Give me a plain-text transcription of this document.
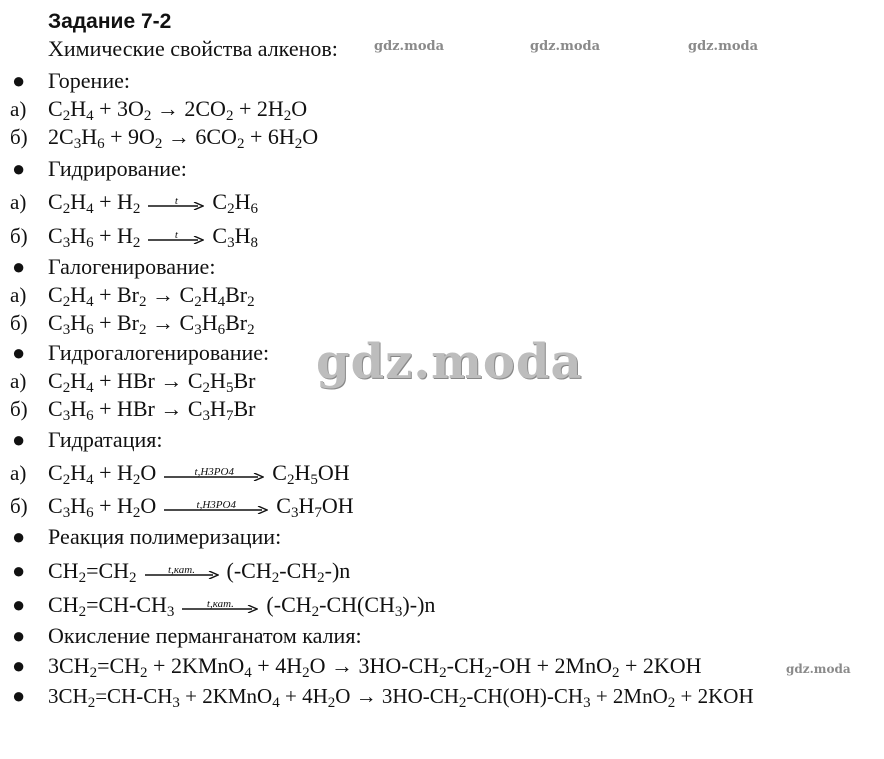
Задание 7-2
Химические свойства алкенов:	gdz.moda	gdz.moda	gdz.moda
gdz.moda
gdz.moda
● Горение:
а) $C_2H_4 + 3O_2 \to 2CO_2 + 2H_2O$
б) $2C_3H_6 + 9O_2 \to 6CO_2 + 6H_2O$
● Гидрирование:
а) $C_2H_4 + H_2$
t	$C_2H_6$
б) $C_3H_6 + H_2$
t	$C_3H_8$
● Галогенирование:
а) $C_2H_4 + Br_2 \to C_2H_4Br_2$
б) $C_3H_6 + Br_2 \to C_3H_6Br_2$
● Гидрогалогенирование:
а) $C_2H_4$ + HBr → $C_2H_5Br$
б) $C_3H_6$ + HBr → $C_3H_7Br$
● Гидратация:
а) $C_2H_4 + H_2O$	t,H3PO4	$C_2H_5OH$
б) $C_3H_6 + H_2O$	t,H3PO4	$C_3H_7OH$
● Реакция полимеризации:
● $CH_2=CH_2$
t,кат.	$(-CH_2-CH_2-)n$
● $CH_2=CH-CH_3$
t,кат.	$(-CH_2-CH(CH_3)-)n$
● Окисление перманганатом калия:
● $3CH_2=CH_2$ + 2KMnO$_4$ + $4H_2O \to 3HO-CH_2-CH_2-OH + 2MnO_2 + 2KOH$
● $3CH_2=CH-CH_3$ + 2KMnO$_4$ + $4H_2O \to 3HO-CH_2-CH(OH)-CH_3 + 2MnO_2 + 2KOH$
